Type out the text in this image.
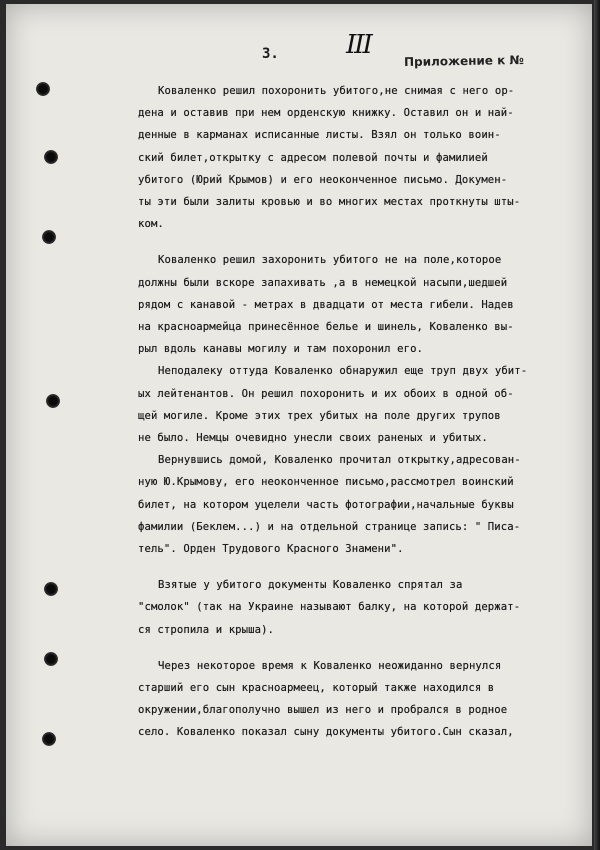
3.	III
Приложение к №

Коваленко решил похоронить убитого,не снимая с него ор-

дена и оставив при нем орденскую книжку. Оставил он и най-

денные в карманах исписанные листы. Взял он только воин-

ский билет,открытку с адресом полевой почты и фамилией

убитого (Юрий Крымов) и его неоконченное письмо. Докумен-

ты эти были залиты кровью и во многих местах проткнуты шты-

ком.

Коваленко решил захоронить убитого не на поле,которое

должны были вскоре запахивать ,а в немецкой насыпи,шедшей

рядом с канавой - метрах в двадцати от места гибели. Надев

на красноармейца принесённое белье и шинель, Коваленко вы-

рыл вдоль канавы могилу и там похоронил его.

Неподалеку оттуда Коваленко обнаружил еще труп двух убит-

ых лейтенантов. Он решил похоронить и их обоих в одной об-

щей могиле. Кроме этих трех убитых на поле других трупов

не было. Немцы очевидно унесли своих раненых и убитых.

Вернувшись домой, Коваленко прочитал открытку,адресован-

ную Ю.Крымову, его неоконченное письмо,рассмотрел воинский

билет, на котором уцелели часть фотографии,начальные буквы

фамилии (Беклем...) и на отдельной странице запись: " Писа-

тель". Орден Трудового Красного Знамени".

Взятые у убитого документы Коваленко спрятал за

"смолок" (так на Украине называют балку, на которой держат-

ся стропила и крыша).

Через некоторое время к Коваленко неожиданно вернулся

старший его сын красноармеец, который также находился в

окружении,благополучно вышел из него и пробрался в родное

село. Коваленко показал сыну документы убитого.Сын сказал,
